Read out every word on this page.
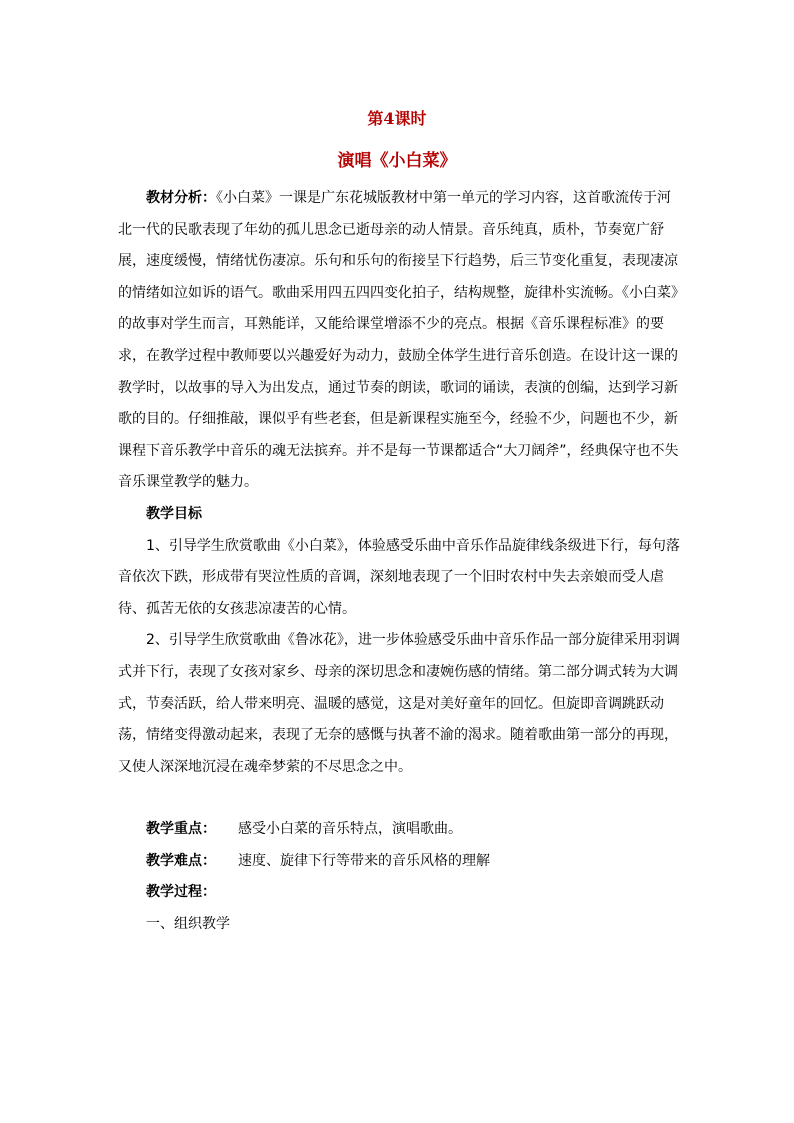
第4课时
演唱《小白菜》

教材分析：《小白菜》一课是广东花城版教材中第一单元的学习内容，这首歌流传于河北一代的民歌表现了年幼的孤儿思念已逝母亲的动人情景。音乐纯真，质朴，节奏宽广舒展，速度缓慢，情绪忧伤凄凉。乐句和乐句的衔接呈下行趋势，后三节变化重复，表现凄凉的情绪如泣如诉的语气。歌曲采用四五四四变化拍子，结构规整，旋律朴实流畅。《小白菜》的故事对学生而言，耳熟能详，又能给课堂增添不少的亮点。根据《音乐课程标准》的要求，在教学过程中教师要以兴趣爱好为动力，鼓励全体学生进行音乐创造。在设计这一课的教学时，以故事的导入为出发点，通过节奏的朗读，歌词的诵读，表演的创编，达到学习新歌的目的。仔细推敲，课似乎有些老套，但是新课程实施至今，经验不少，问题也不少，新课程下音乐教学中音乐的魂无法摈弃。并不是每一节课都适合“大刀阔斧”，经典保守也不失音乐课堂教学的魅力。

教学目标

1、引导学生欣赏歌曲《小白菜》，体验感受乐曲中音乐作品旋律线条级进下行，每句落音依次下跌，形成带有哭泣性质的音调，深刻地表现了一个旧时农村中失去亲娘而受人虐待、孤苦无依的女孩悲凉凄苦的心情。

2、引导学生欣赏歌曲《鲁冰花》，进一步体验感受乐曲中音乐作品一部分旋律采用羽调式并下行，表现了女孩对家乡、母亲的深切思念和凄婉伤感的情绪。第二部分调式转为大调式，节奏活跃，给人带来明亮、温暖的感觉，这是对美好童年的回忆。但旋即音调跳跃动荡，情绪变得激动起来，表现了无奈的感慨与执著不渝的渴求。随着歌曲第一部分的再现，又使人深深地沉浸在魂牵梦萦的不尽思念之中。

教学重点： 感受小白菜的音乐特点，演唱歌曲。

教学难点： 速度、旋律下行等带来的音乐风格的理解

教学过程：

一、组织教学
